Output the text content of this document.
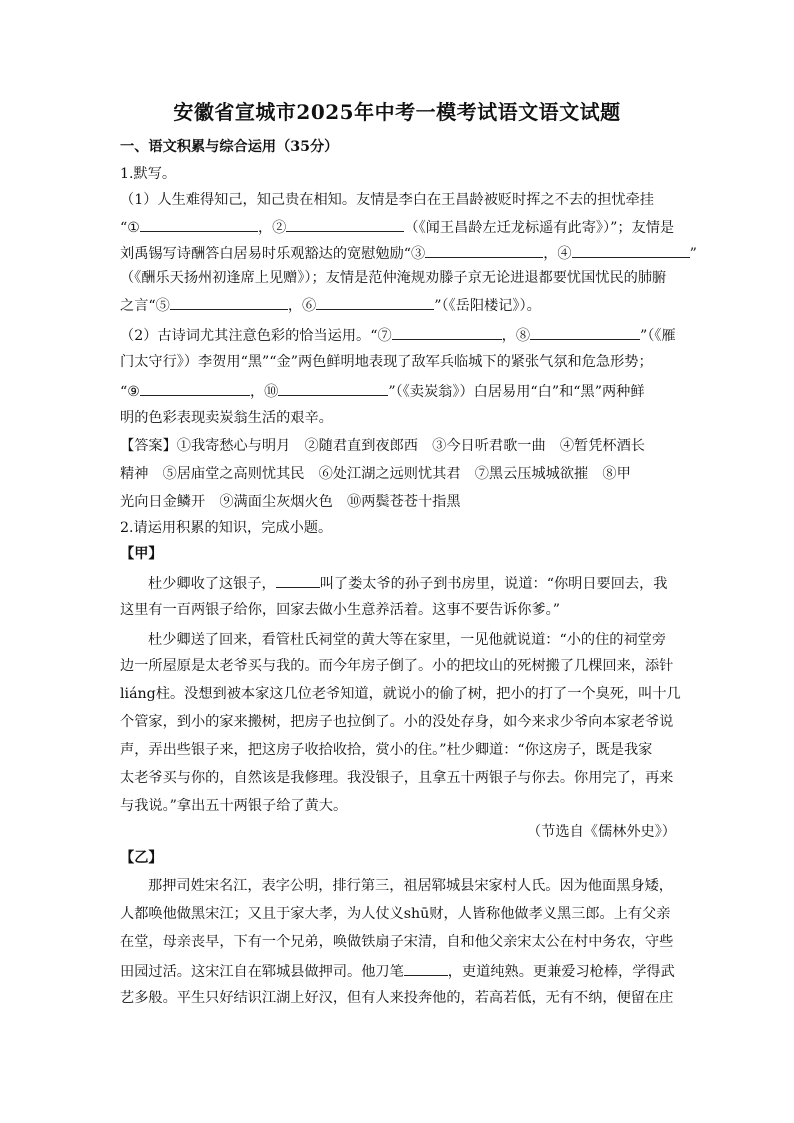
安徽省宣城市2025年中考一模考试语文语文试题
一、语文积累与综合运用（35分）
1.默写。
（1）人生难得知己，知己贵在相知。友情是李白在王昌龄被贬时挥之不去的担忧牵挂
“①	，②	（《闻王昌龄左迁龙标遥有此寄》）”；友情是
刘禹锡写诗酬答白居易时乐观豁达的宽慰勉励“③	，④	”
（《酬乐天扬州初逢席上见赠》）；友情是范仲淹规劝滕子京无论进退都要忧国忧民的肺腑
之言“⑤	，⑥	”（《岳阳楼记》）。
（2）古诗词尤其注意色彩的恰当运用。“⑦	，⑧	”（《雁
门太守行》）李贺用“黑”“金”两色鲜明地表现了敌军兵临城下的紧张气氛和危急形势；
“⑨	，⑩	”（《卖炭翁》）白居易用“白”和“黑”两种鲜
明的色彩表现卖炭翁生活的艰辛。
【答案】①我寄愁心与明月　②随君直到夜郎西　③今日听君歌一曲　④暂凭杯酒长
精神　⑤居庙堂之高则忧其民　⑥处江湖之远则忧其君　⑦黑云压城城欲摧　⑧甲
光向日金鳞开　⑨满面尘灰烟火色　⑩两鬓苍苍十指黑
2.请运用积累的知识，完成小题。
【甲】
杜少卿收了这银子，	叫了娄太爷的孙子到书房里，说道：“你明日要回去，我
这里有一百两银子给你，回家去做小生意养活着。这事不要告诉你爹。”
杜少卿送了回来，看管杜氏祠堂的黄大等在家里，一见他就说道：“小的住的祠堂旁
边一所屋原是太老爷买与我的。而今年房子倒了。小的把坟山的死树搬了几棵回来，添针
liáng柱。没想到被本家这几位老爷知道，就说小的偷了树，把小的打了一个臭死，叫十几
个管家，到小的家来搬树，把房子也拉倒了。小的没处存身，如今来求少爷向本家老爷说
声，弄出些银子来，把这房子收拾收拾，赏小的住。”杜少卿道：“你这房子，既是我家
太老爷买与你的，自然该是我修理。我没银子，且拿五十两银子与你去。你用完了，再来
与我说。”拿出五十两银子给了黄大。
（节选自《儒林外史》）
【乙】
那押司姓宋名江，表字公明，排行第三，祖居郓城县宋家村人氏。因为他面黑身矮，
人都唤他做黑宋江；又且于家大孝，为人仗义shū财，人皆称他做孝义黑三郎。上有父亲
在堂，母亲丧早，下有一个兄弟，唤做铁扇子宋清，自和他父亲宋太公在村中务农，守些
田园过活。这宋江自在郓城县做押司。他刀笔	，吏道纯熟。更兼爱习枪棒，学得武
艺多般。平生只好结识江湖上好汉，但有人来投奔他的，若高若低，无有不纳，便留在庄
